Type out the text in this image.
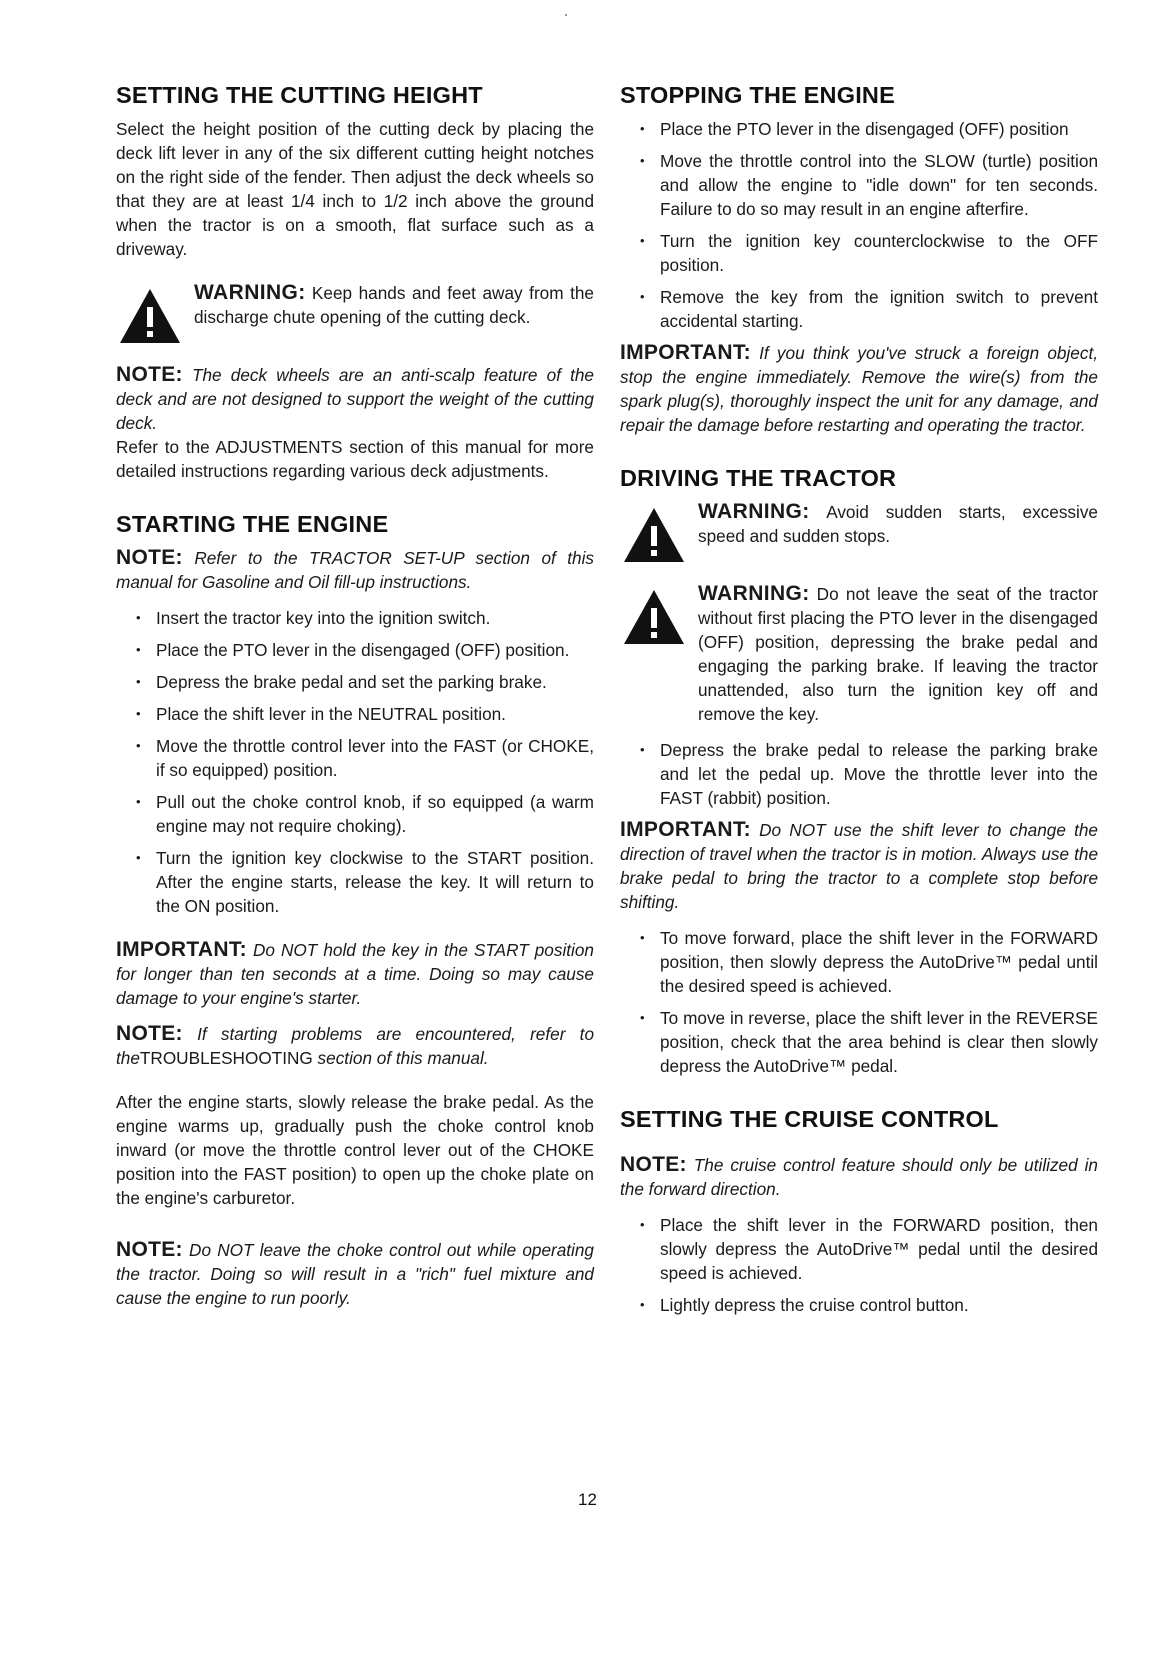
SETTING THE CUTTING HEIGHT

Select the height position of the cutting deck by placing the deck lift lever in any of the six different cutting height notches on the right side of the fender. Then adjust the deck wheels so that they are at least 1/4 inch to 1/2 inch above the ground when the tractor is on a smooth, flat surface such as a driveway.

WARNING: Keep hands and feet away from the discharge chute opening of the cutting deck.

NOTE: The deck wheels are an anti-scalp feature of the deck and are not designed to support the weight of the cutting deck.

Refer to the ADJUSTMENTS section of this manual for more detailed instructions regarding various deck adjustments.

STARTING THE ENGINE

NOTE: Refer to the TRACTOR SET-UP section of this manual for Gasoline and Oil fill-up instructions.

• Insert the tractor key into the ignition switch.
• Place the PTO lever in the disengaged (OFF) position.
• Depress the brake pedal and set the parking brake.
• Place the shift lever in the NEUTRAL position.
• Move the throttle control lever into the FAST (or CHOKE, if so equipped) position.
• Pull out the choke control knob, if so equipped (a warm engine may not require choking).
• Turn the ignition key clockwise to the START position. After the engine starts, release the key. It will return to the ON position.

IMPORTANT: Do NOT hold the key in the START position for longer than ten seconds at a time. Doing so may cause damage to your engine's starter.

NOTE: If starting problems are encountered, refer to theTROUBLESHOOTING section of this manual.

After the engine starts, slowly release the brake pedal. As the engine warms up, gradually push the choke control knob inward (or move the throttle control lever out of the CHOKE position into the FAST position) to open up the choke plate on the engine's carburetor.

NOTE: Do NOT leave the choke control out while operating the tractor. Doing so will result in a "rich" fuel mixture and cause the engine to run poorly.

STOPPING THE ENGINE
• Place the PTO lever in the disengaged (OFF) position
• Move the throttle control into the SLOW (turtle) position and allow the engine to "idle down" for ten seconds. Failure to do so may result in an engine afterfire.
• Turn the ignition key counterclockwise to the OFF position.
• Remove the key from the ignition switch to prevent accidental starting.

IMPORTANT: If you think you've struck a foreign object, stop the engine immediately. Remove the wire(s) from the spark plug(s), thoroughly inspect the unit for any damage, and repair the damage before restarting and operating the tractor.

DRIVING THE TRACTOR
WARNING: Avoid sudden starts, excessive speed and sudden stops.
WARNING: Do not leave the seat of the tractor without first placing the PTO lever in the disengaged (OFF) position, depressing the brake pedal and engaging the parking brake. If leaving the tractor unattended, also turn the ignition key off and remove the key.
• Depress the brake pedal to release the parking brake and let the pedal up. Move the throttle lever into the FAST (rabbit) position.

IMPORTANT: Do NOT use the shift lever to change the direction of travel when the tractor is in motion. Always use the brake pedal to bring the tractor to a complete stop before shifting.

• To move forward, place the shift lever in the FORWARD position, then slowly depress the AutoDrive™ pedal until the desired speed is achieved.
• To move in reverse, place the shift lever in the REVERSE position, check that the area behind is clear then slowly depress the AutoDrive™ pedal.
SETTING THE CRUISE CONTROL

NOTE: The cruise control feature should only be utilized in the forward direction.

• Place the shift lever in the FORWARD position, then slowly depress the AutoDrive™ pedal until the desired speed is achieved.
• Lightly depress the cruise control button.
12
